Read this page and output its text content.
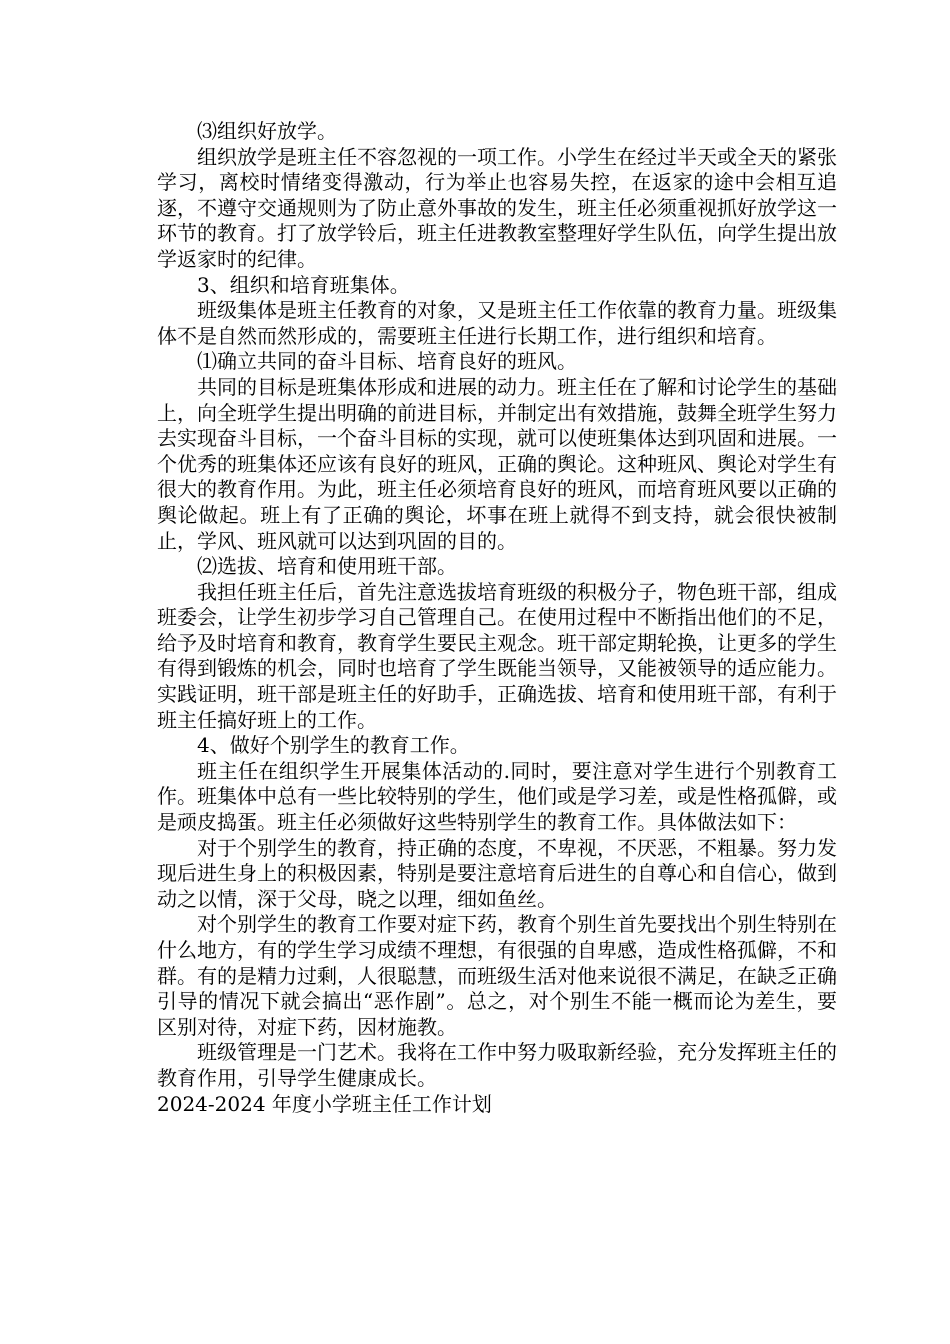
⑶组织好放学。

组织放学是班主任不容忽视的一项工作。小学生在经过半天或全天的紧张学习，离校时情绪变得激动，行为举止也容易失控，在返家的途中会相互追逐，不遵守交通规则为了防止意外事故的发生，班主任必须重视抓好放学这一环节的教育。打了放学铃后，班主任进教教室整理好学生队伍，向学生提出放学返家时的纪律。

3、组织和培育班集体。

班级集体是班主任教育的对象，又是班主任工作依靠的教育力量。班级集体不是自然而然形成的，需要班主任进行长期工作，进行组织和培育。

⑴确立共同的奋斗目标、培育良好的班风。

共同的目标是班集体形成和进展的动力。班主任在了解和讨论学生的基础上，向全班学生提出明确的前进目标，并制定出有效措施，鼓舞全班学生努力去实现奋斗目标，一个奋斗目标的实现，就可以使班集体达到巩固和进展。一个优秀的班集体还应该有良好的班风，正确的舆论。这种班风、舆论对学生有很大的教育作用。为此，班主任必须培育良好的班风，而培育班风要以正确的舆论做起。班上有了正确的舆论，坏事在班上就得不到支持，就会很快被制止，学风、班风就可以达到巩固的目的。

⑵选拔、培育和使用班干部。

我担任班主任后，首先注意选拔培育班级的积极分子，物色班干部，组成班委会，让学生初步学习自己管理自己。在使用过程中不断指出他们的不足，给予及时培育和教育，教育学生要民主观念。班干部定期轮换，让更多的学生有得到锻炼的机会，同时也培育了学生既能当领导，又能被领导的适应能力。实践证明，班干部是班主任的好助手，正确选拔、培育和使用班干部，有利于班主任搞好班上的工作。

4、做好个别学生的教育工作。

班主任在组织学生开展集体活动的.同时，要注意对学生进行个别教育工作。班集体中总有一些比较特别的学生，他们或是学习差，或是性格孤僻，或是顽皮捣蛋。班主任必须做好这些特别学生的教育工作。具体做法如下：

对于个别学生的教育，持正确的态度，不卑视，不厌恶，不粗暴。努力发现后进生身上的积极因素，特别是要注意培育后进生的自尊心和自信心，做到动之以情，深于父母，晓之以理，细如鱼丝。

对个别学生的教育工作要对症下药，教育个别生首先要找出个别生特别在什么地方，有的学生学习成绩不理想，有很强的自卑感，造成性格孤僻，不和群。有的是精力过剩，人很聪慧，而班级生活对他来说很不满足，在缺乏正确引导的情况下就会搞出“恶作剧”。总之，对个别生不能一概而论为差生，要区别对待，对症下药，因材施教。

班级管理是一门艺术。我将在工作中努力吸取新经验，充分发挥班主任的教育作用，引导学生健康成长。

2024-2024 年度小学班主任工作计划
